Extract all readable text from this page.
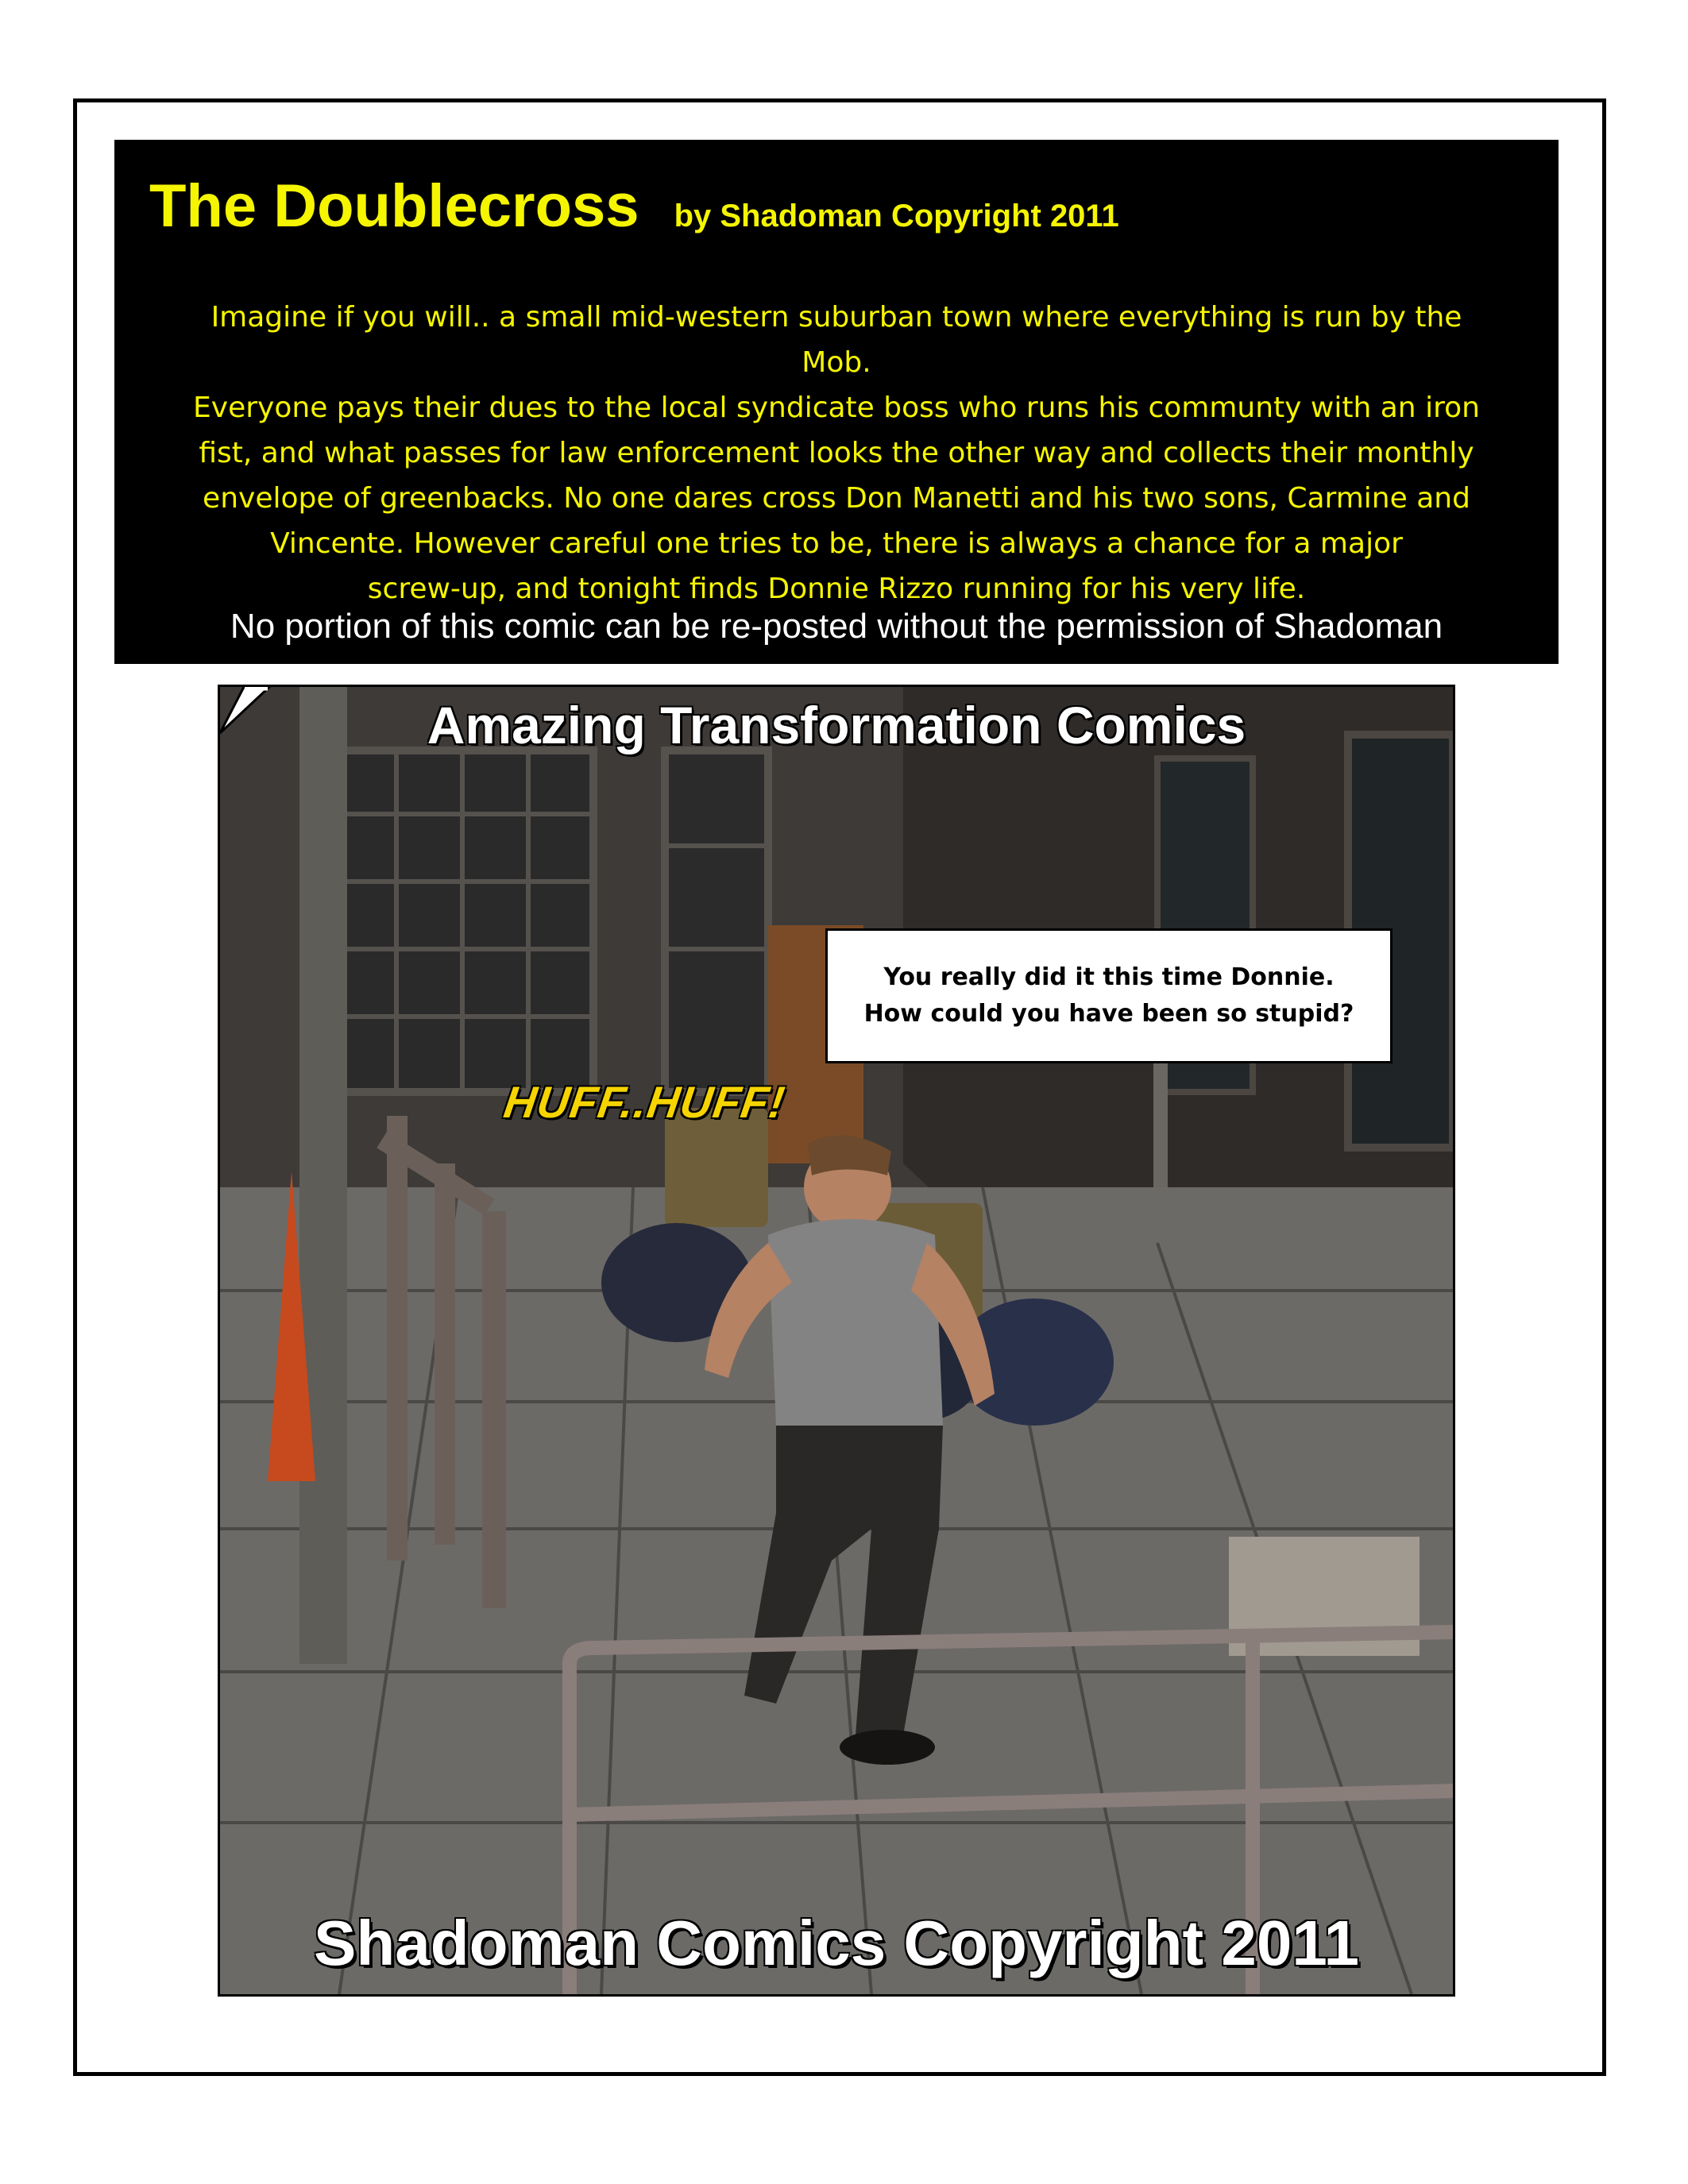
The Doublecross by Shadoman Copyright 2011

Imagine if you will.. a small mid-western suburban town where everything is run by the

Mob.

Everyone pays their dues to the local syndicate boss who runs his communty with an iron

fist, and what passes for law enforcement looks the other way and collects their monthly

envelope of greenbacks. No one dares cross Don Manetti and his two sons, Carmine and

Vincente. However careful one tries to be, there is always a chance for a major

screw-up, and tonight finds Donnie Rizzo running for his very life.

No portion of this comic can be re-posted without the permission of Shadoman
Amazing Transformation Comics
You really did it this time Donnie.
How could you have been so stupid?
HUFF..HUFF!
Shadoman Comics Copyright 2011
